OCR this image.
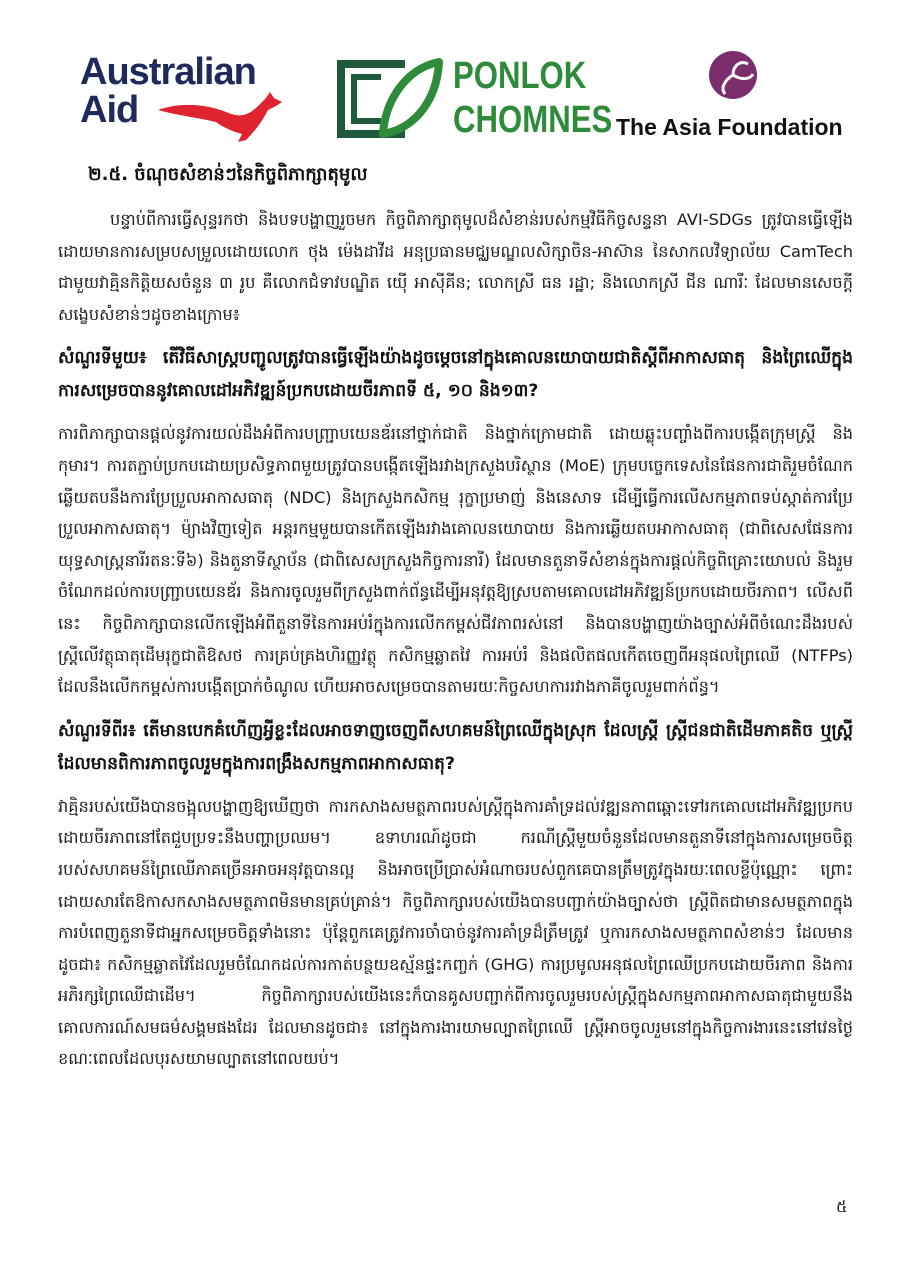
Australian
Aid
PONLOK
CHOMNES The Asia Foundation
២.៥. ចំណុចសំខាន់ៗនៃកិច្ចពិភាក្សាតុមូល

បន្ទាប់ពីការធ្វើសុន្ទរកថា និងបទបង្ហាញរួចមក កិច្ចពិភាក្សាតុមូលដ៏សំខាន់របស់កម្មវិធីកិច្ចសន្ទនា AVI-SDGs ត្រូវបានធ្វើឡើង ដោយមានការសម្របសម្រួលដោយលោក ថុង ម៉េងដាវីដ អនុប្រធានមជ្ឈមណ្ឌលសិក្សាចិន-អាស៊ាន នៃសាកលវិទ្យាល័យ CamTech ជាមួយវាគ្មិនកិត្តិយសចំនួន ៣ រូប គឺលោកជំទាវបណ្ឌិត យ៉ើ អាស៊ីគីន; លោកស្រី ធន រដ្ឋា; និងលោកស្រី ជីន ណារីៈ ដែលមានសេចក្តីសង្ខេបសំខាន់ៗដូចខាងក្រោម៖

សំណួរទីមួយ៖ តើវិធីសាស្ត្របញ្ជូលត្រូវបានធ្វើឡើងយ៉ាងដូចម្តេចនៅក្នុងគោលនយោបាយជាតិស្តីពីអាកាសធាតុ និងព្រៃឈើក្នុងការសម្រេចបាននូវគោលដៅអភិវឌ្ឍន៍ប្រកបដោយចីរភាពទី ៥, ១០ និង១៣?

ការពិភាក្សាបានផ្តល់នូវការយល់ដឹងអំពីការបញ្ជ្រាបយេនឌ័រនៅថ្នាក់ជាតិ និងថ្នាក់ក្រោមជាតិ ដោយឆ្លុះបញ្ចាំងពីការបង្កើតក្រុមស្ត្រី និងកុមារ។ ការតភ្ជាប់ប្រកបដោយប្រសិទ្ធភាពមួយត្រូវបានបង្កើតឡើងរវាងក្រសួងបរិស្ថាន (MoE) ក្រុមបច្ចេកទេសនៃផែនការជាតិរួមចំណែកឆ្លើយតបនឹងការប្រែប្រួលអាកាសធាតុ (NDC) និងក្រសួងកសិកម្ម រុក្ខាប្រមាញ់ និងនេសាទ ដើម្បីធ្វើការលើសកម្មភាពទប់ស្កាត់ការប្រែប្រួលអាកាសធាតុ។ ម៉្យាងវិញទៀត អន្តរកម្មមួយបានកើតឡើងរវាងគោលនយោបាយ និងការឆ្លើយតបអាកាសធាតុ (ជាពិសេសផែនការយុទ្ធសាស្ត្រនារីរតនៈទី៦) និងតួនាទីស្ថាប័ន (ជាពិសេសក្រសួងកិច្ចការនារី) ដែលមានតួនាទីសំខាន់ក្នុងការផ្តល់កិច្ចពិគ្រោះយោបល់ និងរួមចំណែកដល់ការបញ្ជ្រាបយេនឌ័រ និងការចូលរួមពីក្រសួងពាក់ព័ន្ធដើម្បីអនុវត្តឱ្យស្របតាមគោលដៅអភិវឌ្ឍន៍ប្រកបដោយចីរភាព។ លើសពីនេះ កិច្ចពិភាក្សាបានលើកឡើងអំពីតួនាទីនៃការអប់រំក្នុងការលើកកម្ពស់ជីវភាពរស់នៅ និងបានបង្ហាញយ៉ាងច្បាស់អំពីចំណេះដឹងរបស់ស្ត្រីលើវត្ថុធាតុដើមរុក្ខជាតិឱសថ ការគ្រប់គ្រងហិរញ្ញវត្ថុ កសិកម្មឆ្លាតវៃ ការអប់រំ និងផលិតផលកើតចេញពីអនុផលព្រៃឈើ (NTFPs) ដែលនឹងលើកកម្ពស់ការបង្កើតប្រាក់ចំណូល ហើយអាចសម្រេចបានតាមរយៈកិច្ចសហការរវាងភាគីចូលរួមពាក់ព័ន្ធ។

សំណួរទីពីរ៖ តើមានបេកគំហើញអ្វីខ្លះដែលអាចទាញចេញពីសហគមន៍ព្រៃឈើក្នុងស្រុក ដែលស្ត្រី ស្ត្រីជនជាតិដើមភាគតិច ឬស្ត្រីដែលមានពិការភាពចូលរួមក្នុងការពង្រឹងសកម្មភាពអាកាសធាតុ?

វាគ្មិនរបស់យើងបានចង្អុលបង្ហាញឱ្យឃើញថា ការកសាងសមត្ថភាពរបស់ស្ត្រីក្នុងការគាំទ្រដល់វឌ្ឍនភាពឆ្ពោះទៅរកគោលដៅអភិវឌ្ឍប្រកបដោយចីរភាពនៅតែជួបប្រទះនឹងបញ្ហាប្រឈម។ ឧទាហរណ៍ដូចជា ករណីស្ត្រីមួយចំនួនដែលមានតួនាទីនៅក្នុងការសម្រេចចិត្តរបស់សហគមន៍ព្រៃឈើភាគច្រើនអាចអនុវត្តបានល្អ និងអាចប្រើប្រាស់អំណាចរបស់ពួកគេបានត្រឹមត្រូវក្នុងរយៈពេលខ្លីប៉ុណ្ណោះ ព្រោះដោយសារតែឱកាសកសាងសមត្ថភាពមិនមានគ្រប់គ្រាន់។ កិច្ចពិភាក្សារបស់យើងបានបញ្ជាក់យ៉ាងច្បាស់ថា ស្ត្រីពិតជាមានសមត្ថភាពក្នុងការបំពេញតួនាទីជាអ្នកសម្រេចចិត្តទាំងនោះ ប៉ុន្តែពួកគេត្រូវការចាំបាច់នូវការគាំទ្រដ៏ត្រឹមត្រូវ ឬការកសាងសមត្ថភាពសំខាន់ៗ ដែលមានដូចជា៖ កសិកម្មឆ្លាតវៃដែលរួមចំណែកដល់ការកាត់បន្ថយឧស្ម័នផ្ទះកញ្ចក់ (GHG) ការប្រមូលអនុផលព្រៃឈើប្រកបដោយចីរភាព និងការអភិរក្សព្រៃឈើជាដើម។ កិច្ចពិភាក្សារបស់យើងនេះក៏បានគូសបញ្ជាក់ពីការចូលរួមរបស់ស្ត្រីក្នុងសកម្មភាពអាកាសធាតុជាមួយនឹងគោលការណ៍សមធម៌សង្គមផងដែរ ដែលមានដូចជា៖ នៅក្នុងការងារយាមល្បាតព្រៃឈើ ស្ត្រីអាចចូលរួមនៅក្នុងកិច្ចការងារនេះនៅវេនថ្ងៃ ខណៈពេលដែលបុរសយាមល្បាតនៅពេលយប់។

៥
